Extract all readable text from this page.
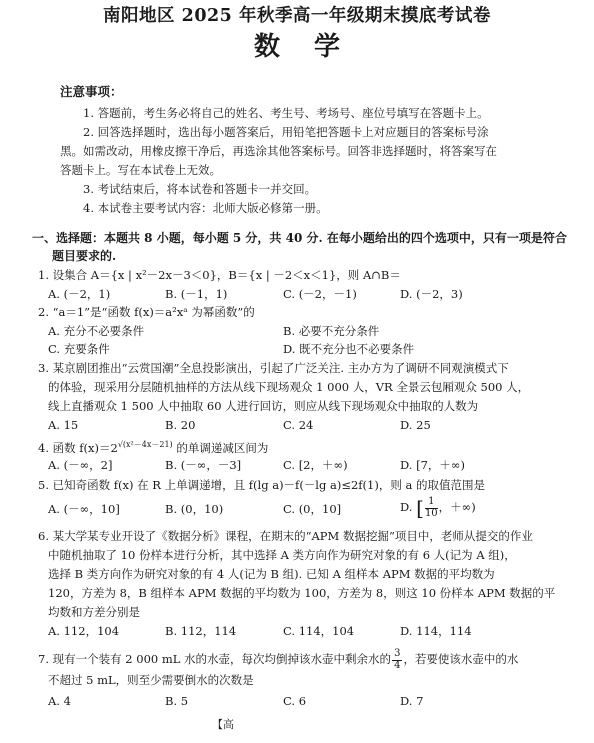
南阳地区 2025 年秋季高一年级期末摸底考试卷
数学
注意事项：
1. 答题前，考生务必将自己的姓名、考生号、考场号、座位号填写在答题卡上。
2. 回答选择题时，选出每小题答案后，用铅笔把答题卡上对应题目的答案标号涂
黑。如需改动，用橡皮擦干净后，再选涂其他答案标号。回答非选择题时，将答案写在
答题卡上。写在本试卷上无效。
3. 考试结束后，将本试卷和答题卡一并交回。
4. 本试卷主要考试内容：北师大版必修第一册。
一、选择题：本题共 8 小题，每小题 5 分，共 40 分. 在每小题给出的四个选项中，只有一项是符合
题目要求的.
1. 设集合 A＝{x | x²－2x－3＜0}，B＝{x | －2＜x＜1}，则 A∩B＝
A. (－2，1)	B. (－1，1)	C. (－2，－1)	D. (－2，3)
2. “a＝1”是“函数 f(x)＝a²xᵃ 为幂函数”的
A. 充分不必要条件	B. 必要不充分条件
C. 充要条件	D. 既不充分也不必要条件
3. 某京剧团推出“云赏国潮”全息投影演出，引起了广泛关注. 主办方为了调研不同观演模式下
的体验，现采用分层随机抽样的方法从线下现场观众 1 000 人，VR 全景云包厢观众 500 人，
线上直播观众 1 500 人中抽取 60 人进行回访，则应从线下现场观众中抽取的人数为
A. 15	B. 20	C. 24	D. 25
4. 函数 $f(x)=2^{√(x^2-4x-21)}$ 的单调递减区间为
A. (－∞，2]	B. (－∞，－3]	C. [2，＋∞)	D. [7，＋∞)
5. 已知奇函数 f(x) 在 R 上单调递增，且 f(lg a)－f(－lg a)≤2f(1)，则 a 的取值范围是
A. (－∞，10]	B. (0，10)	C. (0，10]	D. [ $\frac{1}{10}$ ，＋∞)
6. 某大学某专业开设了《数据分析》课程，在期末的“APM 数据挖掘”项目中，老师从提交的作业
中随机抽取了 10 份样本进行分析，其中选择 A 类方向作为研究对象的有 6 人(记为 A 组)，
选择 B 类方向作为研究对象的有 4 人(记为 B 组). 已知 A 组样本 APM 数据的平均数为
120，方差为 8，B 组样本 APM 数据的平均数为 100，方差为 8，则这 10 份样本 APM 数据的平
均数和方差分别是
A. 112，104	B. 112，114	C. 114，104	D. 114，114
7. 现有一个装有 2 000 mL 水的水壶，每次均倒掉该水壶中剩余水的 $\frac{3}{4}$ ，若要使该水壶中的水
不超过 5 mL，则至少需要倒水的次数是
A. 4	B. 5	C. 6	D. 7
【高
